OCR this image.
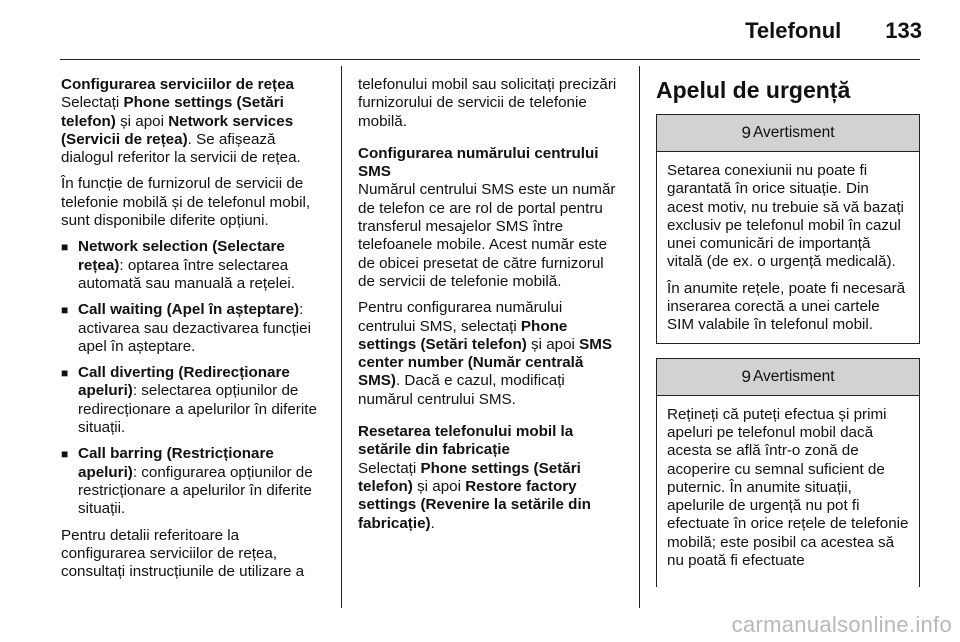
Telefonul 133
Configurarea serviciilor de rețea

Selectați Phone settings (Setări telefon) și apoi Network services (Servicii de rețea). Se afișează dialogul referitor la servicii de rețea.

În funcție de furnizorul de servicii de telefonie mobilă și de telefonul mobil, sunt disponibile diferite opțiuni.

■ Network selection (Selectare rețea): optarea între selectarea automată sau manuală a rețelei.
■ Call waiting (Apel în așteptare): activarea sau dezactivarea funcției apel în așteptare.
■ Call diverting (Redirecționare apeluri): selectarea opțiunilor de redirecționare a apelurilor în diferite situații.
■ Call barring (Restricționare apeluri): configurarea opțiunilor de restricționare a apelurilor în diferite situații.

Pentru detalii referitoare la configurarea serviciilor de rețea, consultați instrucțiunile de utilizare a

telefonului mobil sau solicitați precizări furnizorului de servicii de telefonie mobilă.

Configurarea numărului centrului SMS

Numărul centrului SMS este un număr de telefon ce are rol de portal pentru transferul mesajelor SMS între telefoanele mobile. Acest număr este de obicei presetat de către furnizorul de servicii de telefonie mobilă.

Pentru configurarea numărului centrului SMS, selectați Phone settings (Setări telefon) și apoi SMS center number (Număr centrală SMS). Dacă e cazul, modificați numărul centrului SMS.

Resetarea telefonului mobil la setările din fabricație

Selectați Phone settings (Setări telefon) și apoi Restore factory settings (Revenire la setările din fabricație).

Apelul de urgență
9 Avertisment

Setarea conexiunii nu poate fi garantată în orice situație. Din acest motiv, nu trebuie să vă bazați exclusiv pe telefonul mobil în cazul unei comunicări de importanță vitală (de ex. o urgență medicală).

În anumite rețele, poate fi necesară inserarea corectă a unei cartele SIM valabile în telefonul mobil.

9 Avertisment

Rețineți că puteți efectua și primi apeluri pe telefonul mobil dacă acesta se află într-o zonă de acoperire cu semnal suficient de puternic. În anumite situații, apelurile de urgență nu pot fi efectuate în orice rețele de telefonie mobilă; este posibil ca acestea să nu poată fi efectuate

carmanualsonline.info
